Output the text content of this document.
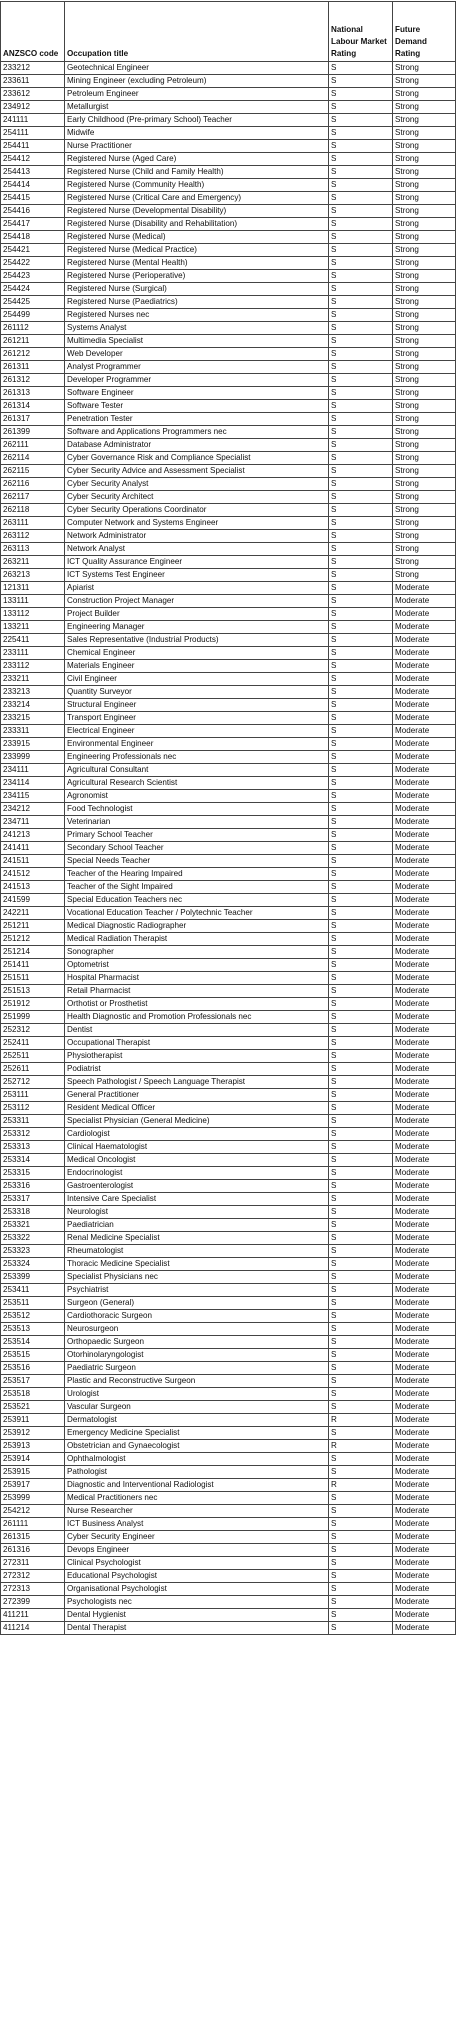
ANZSCO code	Occupation title	National Labour Market Rating	Future Demand Rating
233212	Geotechnical Engineer	S	Strong
233611	Mining Engineer (excluding Petroleum)	S	Strong
233612	Petroleum Engineer	S	Strong
234912	Metallurgist	S	Strong
241111	Early Childhood (Pre-primary School) Teacher	S	Strong
254111	Midwife	S	Strong
254411	Nurse Practitioner	S	Strong
254412	Registered Nurse (Aged Care)	S	Strong
254413	Registered Nurse (Child and Family Health)	S	Strong
254414	Registered Nurse (Community Health)	S	Strong
254415	Registered Nurse (Critical Care and Emergency)	S	Strong
254416	Registered Nurse (Developmental Disability)	S	Strong
254417	Registered Nurse (Disability and Rehabilitation)	S	Strong
254418	Registered Nurse (Medical)	S	Strong
254421	Registered Nurse (Medical Practice)	S	Strong
254422	Registered Nurse (Mental Health)	S	Strong
254423	Registered Nurse (Perioperative)	S	Strong
254424	Registered Nurse (Surgical)	S	Strong
254425	Registered Nurse (Paediatrics)	S	Strong
254499	Registered Nurses nec	S	Strong
261112	Systems Analyst	S	Strong
261211	Multimedia Specialist	S	Strong
261212	Web Developer	S	Strong
261311	Analyst Programmer	S	Strong
261312	Developer Programmer	S	Strong
261313	Software Engineer	S	Strong
261314	Software Tester	S	Strong
261317	Penetration Tester	S	Strong
261399	Software and Applications Programmers nec	S	Strong
262111	Database Administrator	S	Strong
262114	Cyber Governance Risk and Compliance Specialist	S	Strong
262115	Cyber Security Advice and Assessment Specialist	S	Strong
262116	Cyber Security Analyst	S	Strong
262117	Cyber Security Architect	S	Strong
262118	Cyber Security Operations Coordinator	S	Strong
263111	Computer Network and Systems Engineer	S	Strong
263112	Network Administrator	S	Strong
263113	Network Analyst	S	Strong
263211	ICT Quality Assurance Engineer	S	Strong
263213	ICT Systems Test Engineer	S	Strong
121311	Apiarist	S	Moderate
133111	Construction Project Manager	S	Moderate
133112	Project Builder	S	Moderate
133211	Engineering Manager	S	Moderate
225411	Sales Representative (Industrial Products)	S	Moderate
233111	Chemical Engineer	S	Moderate
233112	Materials Engineer	S	Moderate
233211	Civil Engineer	S	Moderate
233213	Quantity Surveyor	S	Moderate
233214	Structural Engineer	S	Moderate
233215	Transport Engineer	S	Moderate
233311	Electrical Engineer	S	Moderate
233915	Environmental Engineer	S	Moderate
233999	Engineering Professionals nec	S	Moderate
234111	Agricultural Consultant	S	Moderate
234114	Agricultural Research Scientist	S	Moderate
234115	Agronomist	S	Moderate
234212	Food Technologist	S	Moderate
234711	Veterinarian	S	Moderate
241213	Primary School Teacher	S	Moderate
241411	Secondary School Teacher	S	Moderate
241511	Special Needs Teacher	S	Moderate
241512	Teacher of the Hearing Impaired	S	Moderate
241513	Teacher of the Sight Impaired	S	Moderate
241599	Special Education Teachers nec	S	Moderate
242211	Vocational Education Teacher / Polytechnic Teacher	S	Moderate
251211	Medical Diagnostic Radiographer	S	Moderate
251212	Medical Radiation Therapist	S	Moderate
251214	Sonographer	S	Moderate
251411	Optometrist	S	Moderate
251511	Hospital Pharmacist	S	Moderate
251513	Retail Pharmacist	S	Moderate
251912	Orthotist or Prosthetist	S	Moderate
251999	Health Diagnostic and Promotion Professionals nec	S	Moderate
252312	Dentist	S	Moderate
252411	Occupational Therapist	S	Moderate
252511	Physiotherapist	S	Moderate
252611	Podiatrist	S	Moderate
252712	Speech Pathologist / Speech Language Therapist	S	Moderate
253111	General Practitioner	S	Moderate
253112	Resident Medical Officer	S	Moderate
253311	Specialist Physician (General Medicine)	S	Moderate
253312	Cardiologist	S	Moderate
253313	Clinical Haematologist	S	Moderate
253314	Medical Oncologist	S	Moderate
253315	Endocrinologist	S	Moderate
253316	Gastroenterologist	S	Moderate
253317	Intensive Care Specialist	S	Moderate
253318	Neurologist	S	Moderate
253321	Paediatrician	S	Moderate
253322	Renal Medicine Specialist	S	Moderate
253323	Rheumatologist	S	Moderate
253324	Thoracic Medicine Specialist	S	Moderate
253399	Specialist Physicians nec	S	Moderate
253411	Psychiatrist	S	Moderate
253511	Surgeon (General)	S	Moderate
253512	Cardiothoracic Surgeon	S	Moderate
253513	Neurosurgeon	S	Moderate
253514	Orthopaedic Surgeon	S	Moderate
253515	Otorhinolaryngologist	S	Moderate
253516	Paediatric Surgeon	S	Moderate
253517	Plastic and Reconstructive Surgeon	S	Moderate
253518	Urologist	S	Moderate
253521	Vascular Surgeon	S	Moderate
253911	Dermatologist	R	Moderate
253912	Emergency Medicine Specialist	S	Moderate
253913	Obstetrician and Gynaecologist	R	Moderate
253914	Ophthalmologist	S	Moderate
253915	Pathologist	S	Moderate
253917	Diagnostic and Interventional Radiologist	R	Moderate
253999	Medical Practitioners nec	S	Moderate
254212	Nurse Researcher	S	Moderate
261111	ICT Business Analyst	S	Moderate
261315	Cyber Security Engineer	S	Moderate
261316	Devops Engineer	S	Moderate
272311	Clinical Psychologist	S	Moderate
272312	Educational Psychologist	S	Moderate
272313	Organisational Psychologist	S	Moderate
272399	Psychologists nec	S	Moderate
411211	Dental Hygienist	S	Moderate
411214	Dental Therapist	S	Moderate
